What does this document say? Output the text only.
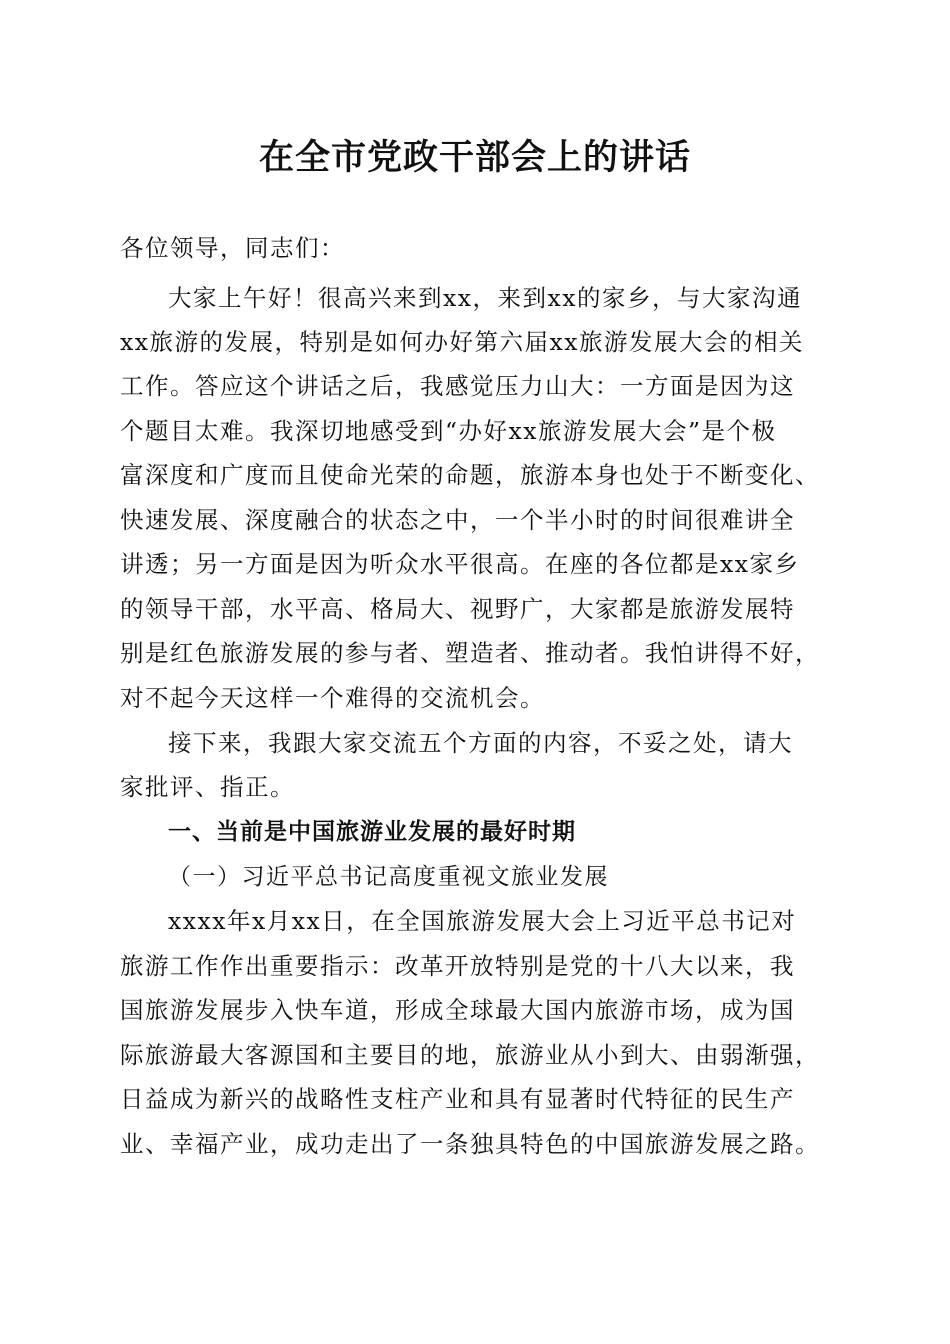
在全市党政干部会上的讲话
各位领导，同志们：
大家上午好！很高兴来到xx，来到xx的家乡，与大家沟通
xx旅游的发展，特别是如何办好第六届xx旅游发展大会的相关
工作。答应这个讲话之后，我感觉压力山大：一方面是因为这
个题目太难。我深切地感受到“办好xx旅游发展大会”是个极
富深度和广度而且使命光荣的命题，旅游本身也处于不断变化、
快速发展、深度融合的状态之中，一个半小时的时间很难讲全
讲透；另一方面是因为听众水平很高。在座的各位都是xx家乡
的领导干部，水平高、格局大、视野广，大家都是旅游发展特
别是红色旅游发展的参与者、塑造者、推动者。我怕讲得不好，
对不起今天这样一个难得的交流机会。
接下来，我跟大家交流五个方面的内容，不妥之处，请大
家批评、指正。
一、当前是中国旅游业发展的最好时期
（一）习近平总书记高度重视文旅业发展
xxxx年x月xx日，在全国旅游发展大会上习近平总书记对
旅游工作作出重要指示：改革开放特别是党的十八大以来，我
国旅游发展步入快车道，形成全球最大国内旅游市场，成为国
际旅游最大客源国和主要目的地，旅游业从小到大、由弱渐强，
日益成为新兴的战略性支柱产业和具有显著时代特征的民生产
业、幸福产业，成功走出了一条独具特色的中国旅游发展之路。
